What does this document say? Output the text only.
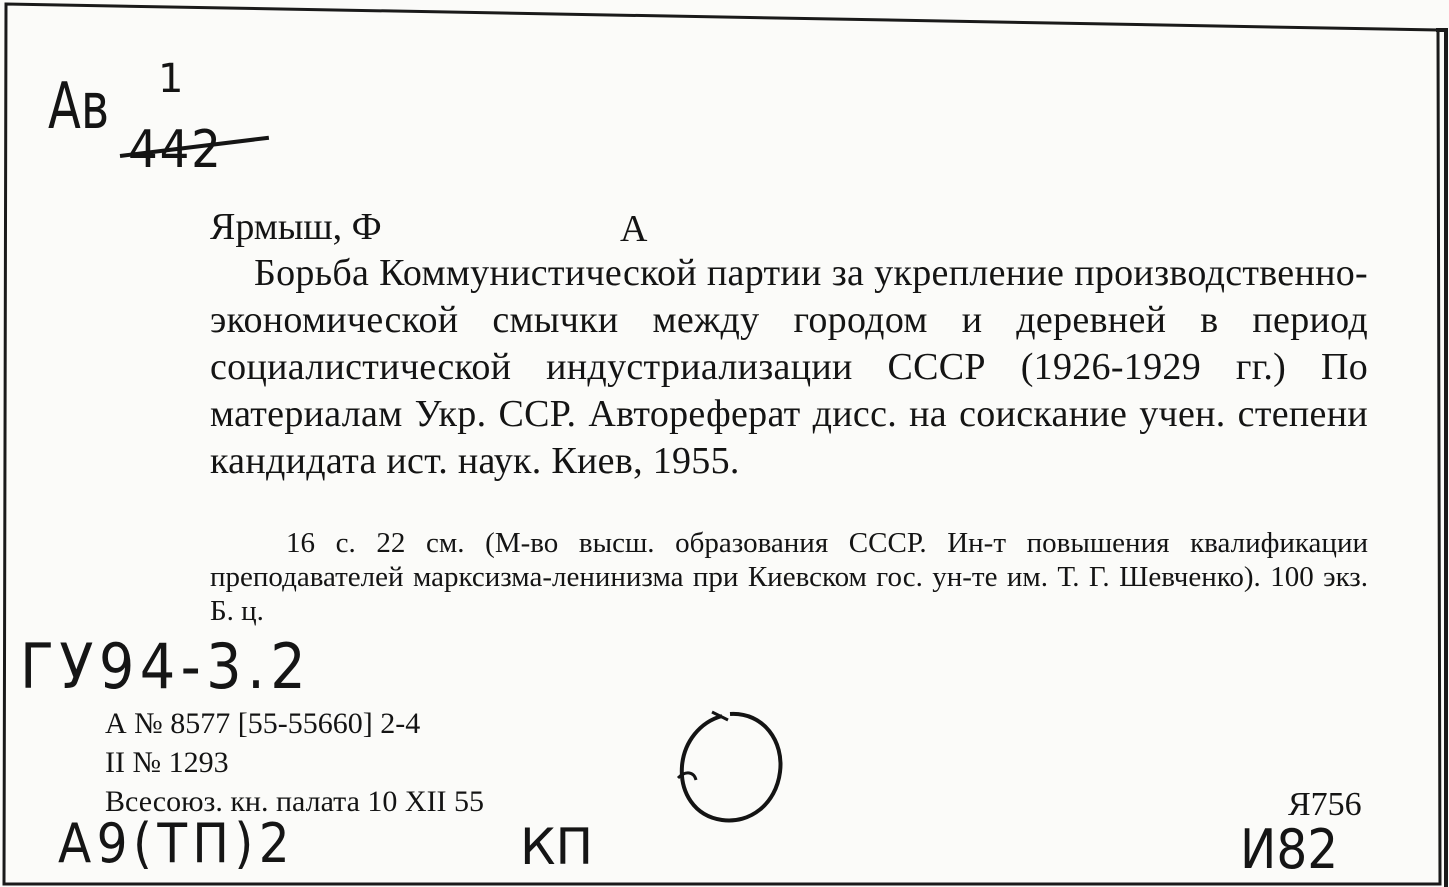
Ав 1
442
Ярмыш, Ф	А
Борьба Коммунистической партии за укрепление производственно-экономической смычки между городом и деревней в период социалистической индустриализации СССР (1926-1929 гг.) По материалам Укр. ССР. Автореферат дисс. на соискание учен. степени кандидата ист. наук. Киев, 1955.
16 с. 22 см. (М-во высш. образования СССР. Ин-т повышения квалификации преподавателей марксизма-ленинизма при Киевском гос. ун-те им. Т. Г. Шевченко). 100 экз. Б. ц.
ГУ94-3.2
А № 8577 [55-55660] 2-4
II № 1293
Всесоюз. кн. палата 10 XII 55
А9(ТП)2	КП
Я756
И82
